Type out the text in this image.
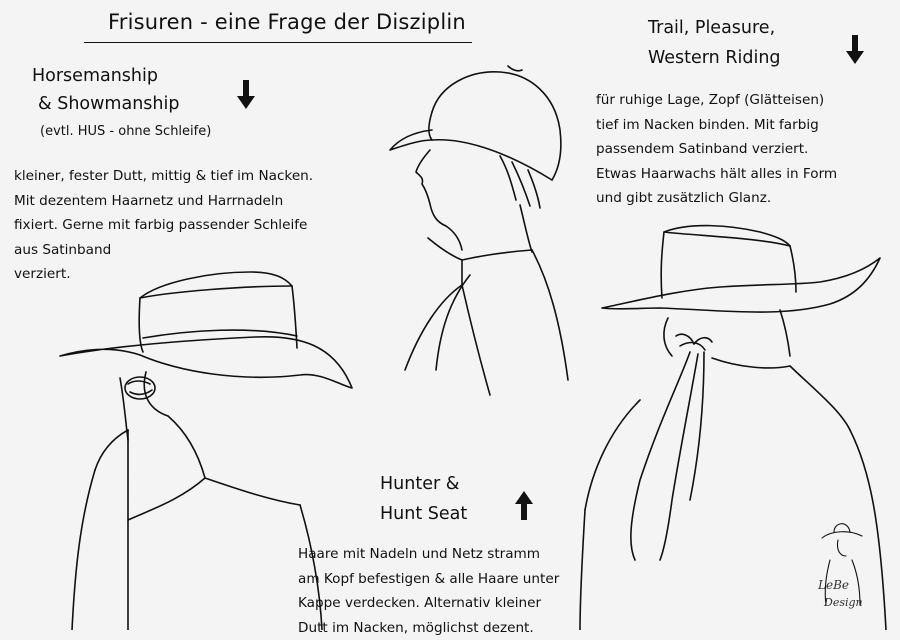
Frisuren - eine Frage der Disziplin
Horsemanship
& Showmanship
(evtl. HUS - ohne Schleife)
kleiner, fester Dutt, mittig & tief im Nacken.
Mit dezentem Haarnetz und Harrnadeln
fixiert. Gerne mit farbig passender Schleife
aus Satinband
verziert.
Trail, Pleasure,
Western Riding
für ruhige Lage, Zopf (Glätteisen)
tief im Nacken binden. Mit farbig
passendem Satinband verziert.
Etwas Haarwachs hält alles in Form
und gibt zusätzlich Glanz.
Hunter &
Hunt Seat
Haare mit Nadeln und Netz stramm
am Kopf befestigen & alle Haare unter
Kappe verdecken. Alternativ kleiner
Dutt im Nacken, möglichst dezent.
LeBe
Design
